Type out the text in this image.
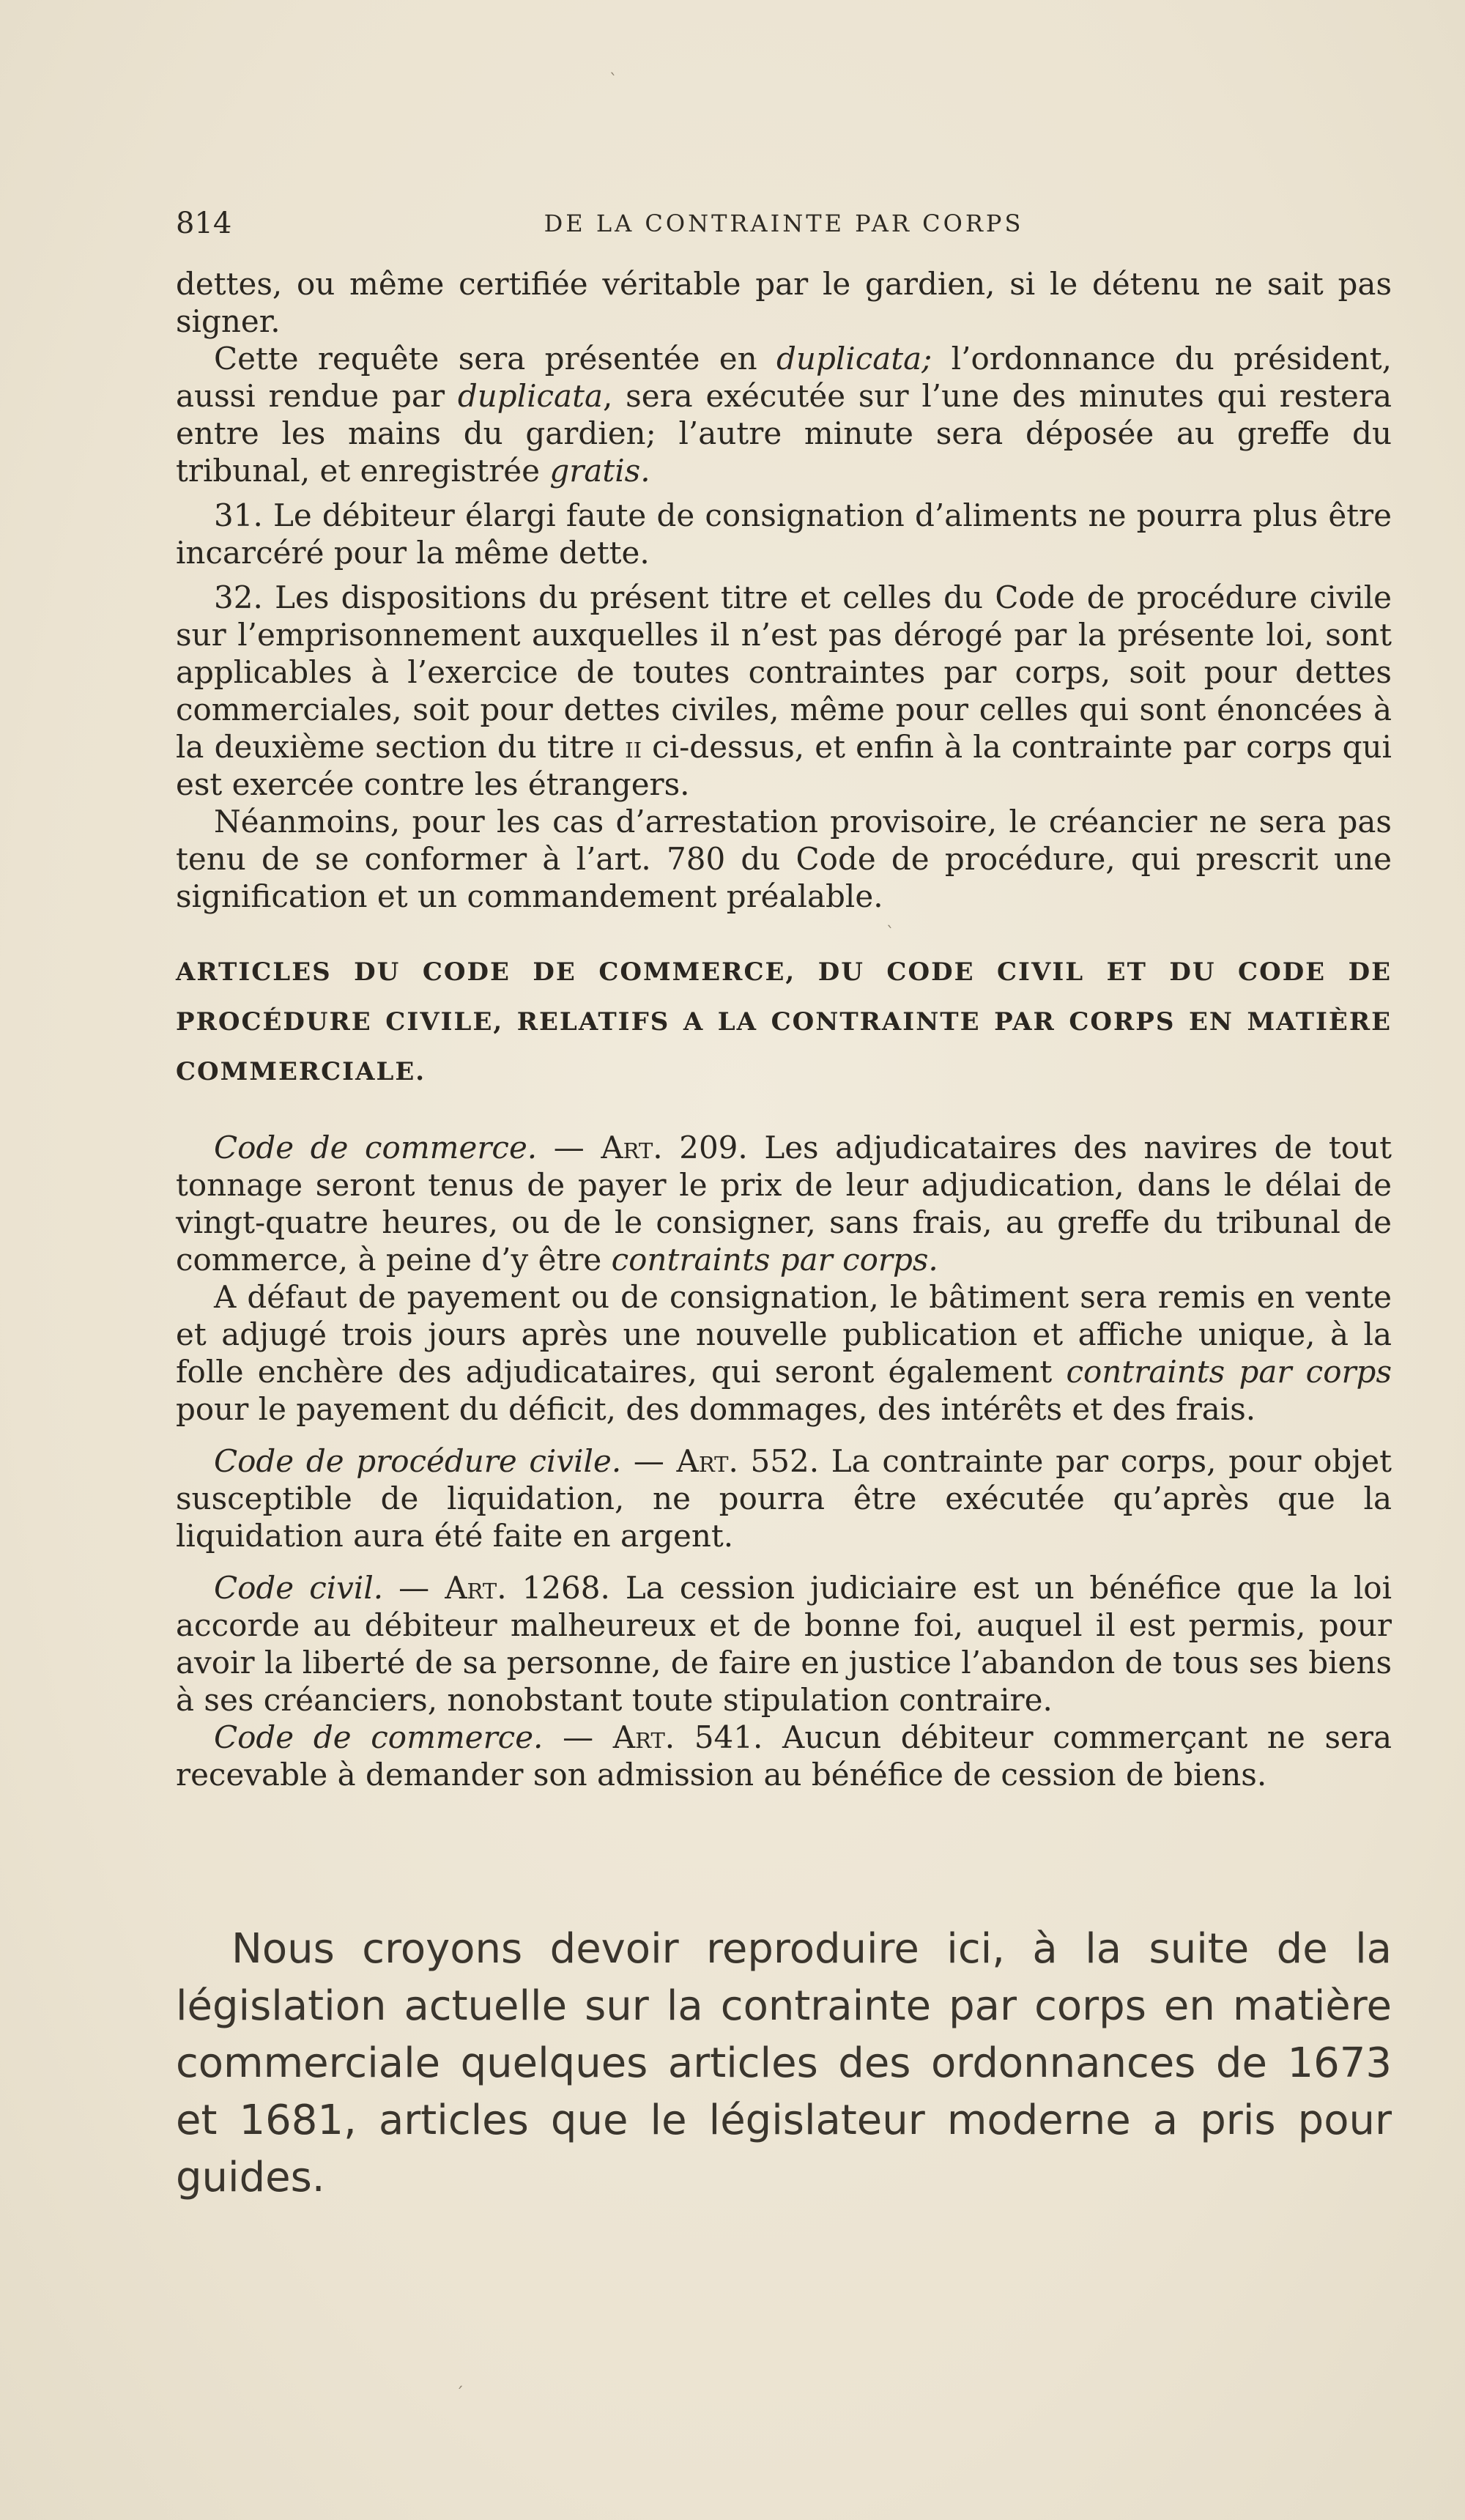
814	DE LA CONTRAINTE PAR CORPS

dettes, ou même certifiée véritable par le gardien, si le détenu ne sait pas signer.

Cette requête sera présentée en duplicata; l’ordonnance du président, aussi rendue par duplicata, sera exécutée sur l’une des minutes qui restera entre les mains du gardien; l’autre minute sera déposée au greffe du tribunal, et enregistrée gratis.

31. Le débiteur élargi faute de consignation d’aliments ne pourra plus être incarcéré pour la même dette.

32. Les dispositions du présent titre et celles du Code de procédure civile sur l’emprisonnement auxquelles il n’est pas dérogé par la présente loi, sont applicables à l’exercice de toutes contraintes par corps, soit pour dettes commerciales, soit pour dettes civiles, même pour celles qui sont énoncées à la deuxième section du titre ii ci-dessus, et enfin à la contrainte par corps qui est exercée contre les étrangers.

Néanmoins, pour les cas d’arrestation provisoire, le créancier ne sera pas tenu de se conformer à l’art. 780 du Code de procédure, qui prescrit une signification et un commandement préalable.

ARTICLES DU CODE DE COMMERCE, DU CODE CIVIL ET DU CODE DE PROCÉDURE CIVILE, RELATIFS A LA CONTRAINTE PAR CORPS EN MATIÈRE COMMERCIALE.

Code de commerce. — Art. 209. Les adjudicataires des navires de tout tonnage seront tenus de payer le prix de leur adjudication, dans le délai de vingt-quatre heures, ou de le consigner, sans frais, au greffe du tribunal de commerce, à peine d’y être contraints par corps.

A défaut de payement ou de consignation, le bâtiment sera remis en vente et adjugé trois jours après une nouvelle publication et affiche unique, à la folle enchère des adjudicataires, qui seront également contraints par corps pour le payement du déficit, des dommages, des intérêts et des frais.

Code de procédure civile. — Art. 552. La contrainte par corps, pour objet susceptible de liquidation, ne pourra être exécutée qu’après que la liquidation aura été faite en argent.

Code civil. — Art. 1268. La cession judiciaire est un bénéfice que la loi accorde au débiteur malheureux et de bonne foi, auquel il est permis, pour avoir la liberté de sa personne, de faire en justice l’abandon de tous ses biens à ses créanciers, nonobstant toute stipulation contraire.

Code de commerce. — Art. 541. Aucun débiteur commerçant ne sera recevable à demander son admission au bénéfice de cession de biens.

Nous croyons devoir reproduire ici, à la suite de la législation actuelle sur la contrainte par corps en matière commerciale quelques articles des ordonnances de 1673 et 1681, articles que le législateur moderne a pris pour guides.

ˋ
ˋ
ˊ
